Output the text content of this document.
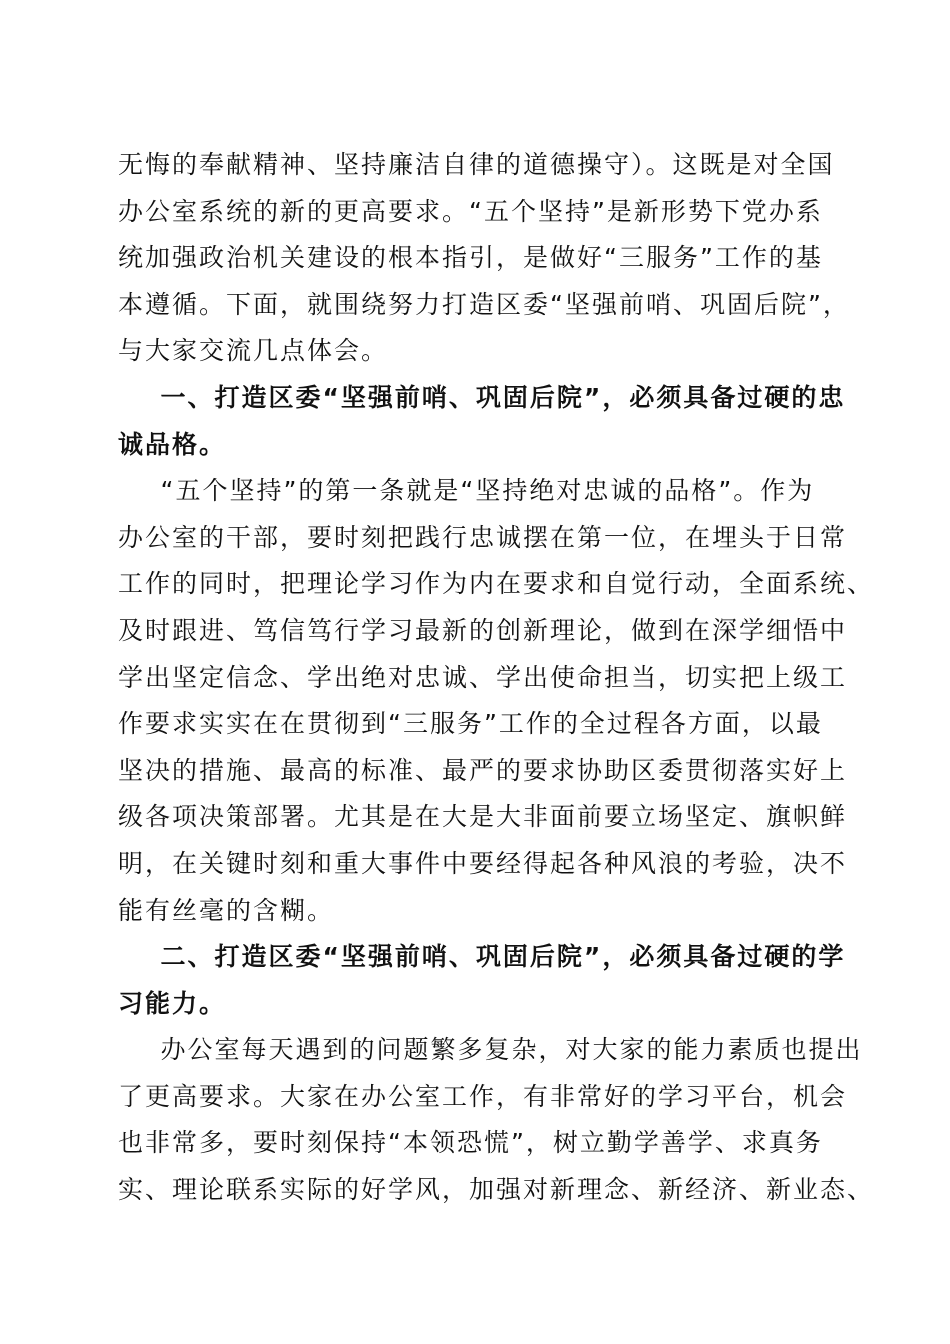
无悔的奉献精神、坚持廉洁自律的道德操守）。这既是对全国
办公室系统的新的更高要求。“五个坚持”是新形势下党办系
统加强政治机关建设的根本指引，是做好“三服务”工作的基
本遵循。下面，就围绕努力打造区委“坚强前哨、巩固后院”，
与大家交流几点体会。
一、打造区委“坚强前哨、巩固后院”，必须具备过硬的忠
诚品格。
“五个坚持”的第一条就是“坚持绝对忠诚的品格”。作为
办公室的干部，要时刻把践行忠诚摆在第一位，在埋头于日常
工作的同时，把理论学习作为内在要求和自觉行动，全面系统、
及时跟进、笃信笃行学习最新的创新理论，做到在深学细悟中
学出坚定信念、学出绝对忠诚、学出使命担当，切实把上级工
作要求实实在在贯彻到“三服务”工作的全过程各方面，以最
坚决的措施、最高的标准、最严的要求协助区委贯彻落实好上
级各项决策部署。尤其是在大是大非面前要立场坚定、旗帜鲜
明，在关键时刻和重大事件中要经得起各种风浪的考验，决不
能有丝毫的含糊。
二、打造区委“坚强前哨、巩固后院”，必须具备过硬的学
习能力。
办公室每天遇到的问题繁多复杂，对大家的能力素质也提出
了更高要求。大家在办公室工作，有非常好的学习平台，机会
也非常多，要时刻保持“本领恐慌”，树立勤学善学、求真务
实、理论联系实际的好学风，加强对新理念、新经济、新业态、
